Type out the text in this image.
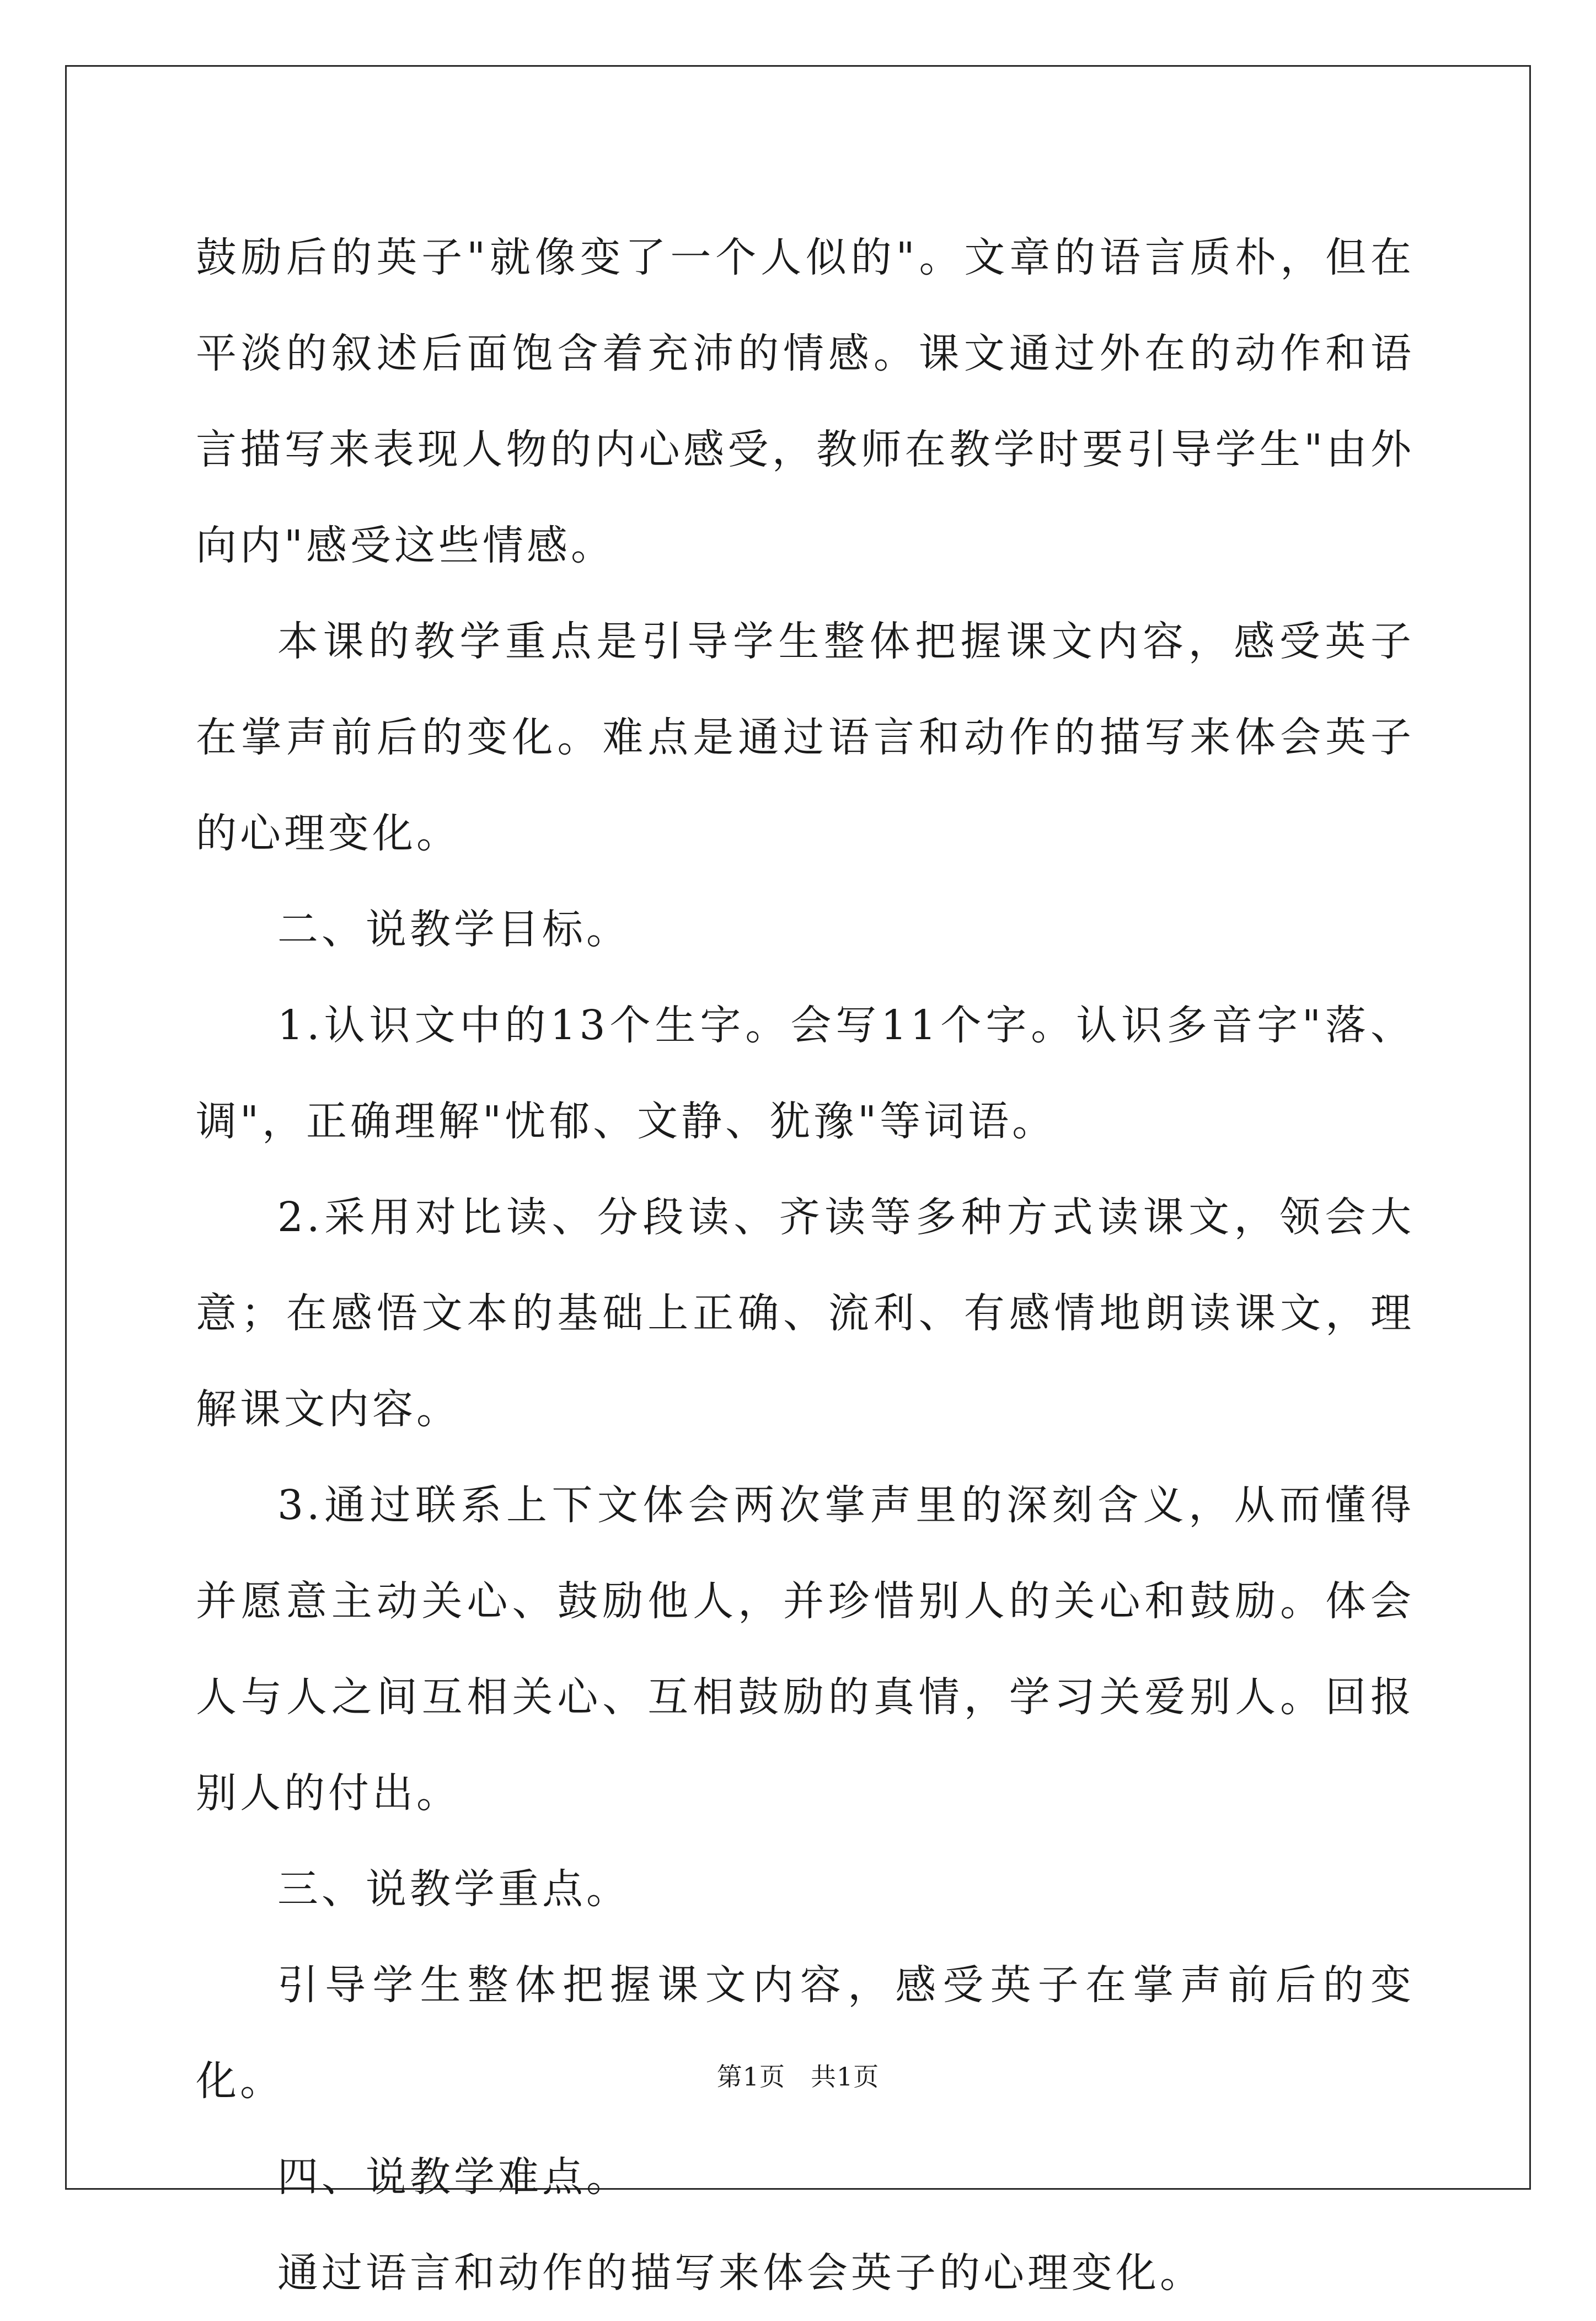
鼓励后的英子"就像变了一个人似的"。文章的语言质朴，但在平淡的叙述后面饱含着充沛的情感。课文通过外在的动作和语言描写来表现人物的内心感受，教师在教学时要引导学生"由外向内"感受这些情感。

本课的教学重点是引导学生整体把握课文内容，感受英子在掌声前后的变化。难点是通过语言和动作的描写来体会英子的心理变化。

二、说教学目标。

1.认识文中的13个生字。会写11个字。认识多音字"落、调"，正确理解"忧郁、文静、犹豫"等词语。

2.采用对比读、分段读、齐读等多种方式读课文，领会大意；在感悟文本的基础上正确、流利、有感情地朗读课文，理解课文内容。

3.通过联系上下文体会两次掌声里的深刻含义，从而懂得并愿意主动关心、鼓励他人，并珍惜别人的关心和鼓励。体会人与人之间互相关心、互相鼓励的真情，学习关爱别人。回报别人的付出。

三、说教学重点。

引导学生整体把握课文内容，感受英子在掌声前后的变化。

四、说教学难点。

通过语言和动作的描写来体会英子的心理变化。

第1页 共1页
